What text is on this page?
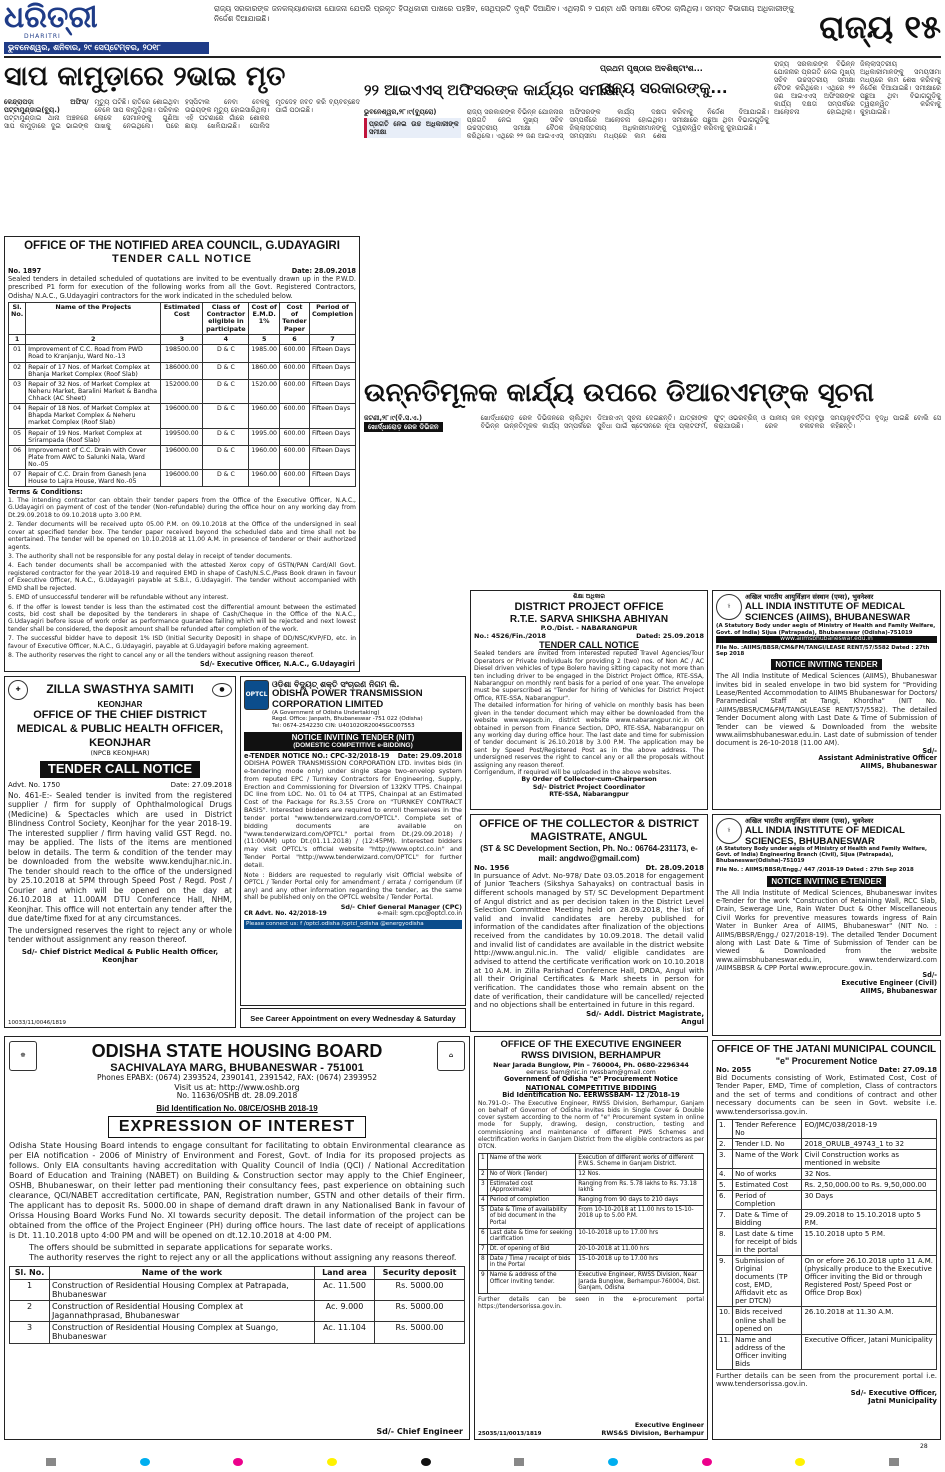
ଧରିତ୍ରୀ
DHARITRI
ଭୁବନେଶ୍ୱର, ଶନିବାର, ୨୯ ସେପ୍ଟେମ୍ବର, ୨୦୧୮
ରାଜ୍ୟ ସରକାରଙ୍କ ଜନକଲ୍ୟାଣକାରୀ ଯୋଜନା ଯେପରି ପ୍ରକୃତ ହିତାଧିକାରୀ ପାଖରେ ପହଞ୍ଚିବ, ସେଥିପ୍ରତି ଦୃଷ୍ଟି ଦିଆଯିବ। ଏଥିଲାଗି ୨ ଘଣ୍ଟା ଧରି ସମୀକ୍ଷା ବୈଠକ ଚାଲିଥିଲା। ସମସ୍ତ ବିଭାଗୀୟ ଅଧିକାରୀଙ୍କୁ ନିର୍ଦ୍ଦେଶ ଦିଆଯାଇଛି।	ରାଜ୍ୟ ୧୫
ସାପ କାମୁଡ଼ାରେ ୨ଭାଇ ମୃତ
କେନ୍ଦ୍ରାପଡ଼ା ଅଫିସ/ ପଟ୍ଟାମୁଣ୍ଡାଇ(ବ୍ୟୁ.)
ପଟ୍ଟାମୁଣ୍ଡାଇ ଥାନା ଅଞ୍ଚଳରେ ସାପ କାମୁଡ଼ାରେ ଦୁଇ ଭାଇଙ୍କ ମୃତ୍ୟୁ ଘଟିଛି। ରାତିରେ ଶୋଇଥିବା ବେଳେ ସାପ କାମୁଡ଼ିଥିଲା। ପରିବାର ଲୋକେ ସେମାନଙ୍କୁ ଗୁଣିଆ ପାଖକୁ ନେଇଥିଲେ। ପରେ ହସ୍ପିଟାଲ ନେବା ବେଳକୁ ଉଭୟଙ୍କ ମୃତ୍ୟୁ ହୋଇସାରିଥିଲା। ଏହି ଘଟଣାରେ ଗାଁରେ ଶୋକର ଛାୟା ଖେଳିଯାଇଛି। ପୋଲିସ ମୃତଦେହ ଜବତ କରି ବ୍ୟବଚ୍ଛେଦ ପାଇଁ ପଠାଇଛି।
୨୨ ଆଇଏଏସ୍ ଅଫିସରଙ୍କ କାର୍ଯ୍ୟର ସମୀକ୍ଷା
ପ୍ରଥମ ପୃଷ୍ଠାର ଅବଶିଷ୍ଟାଂଶ...
ରାଜ୍ୟ ସରକାରଙ୍କୁ...
ଭୁବନେଶ୍ୱର,୨୮।୯(ବ୍ୟୁରୋ)
ପ୍ରଗତି ନେଇ ଉଚ୍ଚ ଅଧିକାରୀଙ୍କ ସମୀକ୍ଷା
ରାଜ୍ୟ ସରକାରଙ୍କ ବିଭିନ୍ନ ଯୋଜନାର ପ୍ରଗତି ନେଇ ମୁଖ୍ୟ ସଚିବ ଉଚ୍ଚସ୍ତରୀୟ ସମୀକ୍ଷା ବୈଠକ କରିଥିଲେ। ଏଥିରେ ୨୨ ଜଣ ଆଇଏଏସ୍ ଅଫିସରଙ୍କ କାର୍ଯ୍ୟ ଦକ୍ଷତା ସମ୍ପର୍କରେ ଆଲୋଚନା ହୋଇଥିଲା। ଜିଲ୍ଲାସ୍ତରୀୟ ଅଧିକାରୀମାନଙ୍କୁ ସମୟସୀମା ମଧ୍ୟରେ କାମ ଶେଷ କରିବାକୁ ନିର୍ଦ୍ଦେଶ ଦିଆଯାଇଛି। ସମୀକ୍ଷାରେ ପଛୁଆ ଥିବା ବିଭାଗଗୁଡ଼ିକୁ ତ୍ୱରାନ୍ୱିତ କରିବାକୁ କୁହାଯାଇଛି।
ରାଜ୍ୟ ସରକାରଙ୍କ ବିଭିନ୍ନ ଯୋଜନାର ପ୍ରଗତି ନେଇ ମୁଖ୍ୟ ସଚିବ ଉଚ୍ଚସ୍ତରୀୟ ସମୀକ୍ଷା ବୈଠକ କରିଥିଲେ। ଏଥିରେ ୨୨ ଜଣ ଆଇଏଏସ୍ ଅଫିସରଙ୍କ କାର୍ଯ୍ୟ ଦକ୍ଷତା ସମ୍ପର୍କରେ ଆଲୋଚନା ହୋଇଥିଲା। ଜିଲ୍ଲାସ୍ତରୀୟ ଅଧିକାରୀମାନଙ୍କୁ ସମୟସୀମା ମଧ୍ୟରେ କାମ ଶେଷ କରିବାକୁ ନିର୍ଦ୍ଦେଶ ଦିଆଯାଇଛି। ସମୀକ୍ଷାରେ ପଛୁଆ ଥିବା ବିଭାଗଗୁଡ଼ିକୁ ତ୍ୱରାନ୍ୱିତ କରିବାକୁ କୁହାଯାଇଛି।
ଉନ୍ନତିମୂଳକ କାର୍ଯ୍ୟ ଉପରେ ଡିଆରଏମ୍‌ଙ୍କ ସୂଚନା
ଜଟଣୀ,୨୮।୯(ବି.ସ.ଏ.)
ଖୋର୍ଦ୍ଧାରୋଡ଼ ରେଳ ଡିଭିଜନ
ଖୋର୍ଦ୍ଧାରୋଡ଼ ରେଳ ଡିଭିଜନରେ ଚାଲିଥିବା ବିଭିନ୍ନ ଉନ୍ନତିମୂଳକ କାର୍ଯ୍ୟ ସମ୍ପର୍କରେ ଡିଆରଏମ୍ ସୂଚନା ଦେଇଛନ୍ତି। ଯାତ୍ରୀଙ୍କ ସୁବିଧା ପାଇଁ ଷ୍ଟେସନରେ ନୂଆ ପ୍ଲାଟଫର୍ମ, ଫୁଟ୍ ଓଭରବ୍ରିଜ୍ ଓ ପାନୀୟ ଜଳ ବ୍ୟବସ୍ଥା କରାଯାଉଛି। ରେଳ ଚଳାଚଳର ସମୟାନୁବର୍ତ୍ତିତା ବୃଦ୍ଧି ପାଇଛି ବୋଲି ସେ କହିଛନ୍ତି।
OFFICE OF THE NOTIFIED AREA COUNCIL, G.UDAYAGIRI
TENDER CALL NOTICE
No. 1897	Date: 28.09.2018
Sealed tenders in detailed scheduled of quotations are invited to be eventually drawn up in the P.W.D. prescribed P1 form for execution of the following works from all the Govt. Registered Contractors, Odisha/ N.A.C., G.Udayagiri contractors for the work indicated in the scheduled below.
Sl. No.	Name of the Projects	Estimated Cost	Class of Contractor eligible in participate	Cost of E.M.D. 1%	Cost of Tender Paper	Period of Completion
1	2	3	4	5	6	7
01	Improvement of C.C. Road from PWD Road to Kranjanju, Ward No.-13	198500.00	D & C	1985.00	600.00	Fifteen Days
02	Repair of 17 Nos. of Market Complex at Bhanja Market Complex (Roof Slab)	186000.00	D & C	1860.00	600.00	Fifteen Days
03	Repair of 32 Nos. of Market Complex at Neheru Market, Baralini Market & Bandha Chhack (AC Sheet)	152000.00	D & C	1520.00	600.00	Fifteen Days
04	Repair of 18 Nos. of Market Complex at Bhapda Market Complex & Neheru market Complex (Roof Slab)	196000.00	D & C	1960.00	600.00	Fifteen Days
05	Repair of 19 Nos. Market Complex at Srirampada (Roof Slab)	199500.00	D & C	1995.00	600.00	Fifteen Days
06	Improvement of C.C. Drain with Cover Plate from AWC to Salunki Nala, Ward No.-05	196000.00	D & C	1960.00	600.00	Fifteen Days
07	Repair of C.C. Drain from Ganesh Jena House to Lajra House, Ward No.-05	196000.00	D & C	1960.00	600.00	Fifteen Days
Terms & Conditions:

1. The intending contractor can obtain their tender papers from the Office of the Executive Officer, N.A.C., G.Udayagiri on payment of cost of the tender (Non-refundable) during the office hour on any working day from Dt.29.09.2018 to 09.10.2018 upto 3.00 P.M.

2. Tender documents will be received upto 05.00 P.M. on 09.10.2018 at the Office of the undersigned in seal cover at specified tender box. The tender paper received beyond the scheduled date and time shall not be entertained. The tender will be opened on 10.10.2018 at 11.00 A.M. in presence of tenderer or their authorized agents.

3. The authority shall not be responsible for any postal delay in receipt of tender documents.

4. Each tender documents shall be accompanied with the attested Xerox copy of GSTN/PAN Card/All Govt. registered contractor for the year 2018-19 and required EMD in shape of Cash/N.S.C./Pass Book drawn in favour of Executive Officer, N.A.C., G.Udayagiri payable at S.B.I., G.Udayagiri. The tender without accompanied with EMD shall be rejected.

5. EMD of unsuccessful tenderer will be refundable without any interest.

6. If the offer is lowest tender is less than the estimated cost the differential amount between the estimated costs, bid cost shall be deposited by the tenderers in shape of Cash/Cheque in the Office of the N.A.C., G.Udayagiri before issue of work order as performance guarantee failing which will be rejected and next lowest tender shall be considered, the deposit amount shall be refunded after completion of the work.

7. The successful bidder have to deposit 1% ISD (Initial Security Deposit) in shape of DD/NSC/KVP/FD, etc. in favour of Executive Officer, N.A.C., G.Udayagiri, payable at G.Udayagiri before making agreement.

8. The authority reserves the right to cancel any or all the tenders without assigning reason thereof.

Sd/- Executive Officer, N.A.C., G.Udayagiri
✚	ZILLA SWASTHYA SAMITI	●
KEONJHAR
OFFICE OF THE CHIEF DISTRICT MEDICAL & PUBLIC HEALTH OFFICER, KEONJHAR
(NPCB KEONJHAR)
TENDER CALL NOTICE
Advt. No. 1750	Date: 27.09.2018
No. 461-E:- Sealed tender is invited from the registered supplier / firm for supply of Ophthalmological Drugs (Medicine) & Spectacles which are used in District Blindness Control Society, Keonjhar for the year 2018-19. The interested supplier / firm having valid GST Regd. no. may be applied. The lists of the items are mentioned below in details. The term & condition of the tender may be downloaded from the website www.kendujhar.nic.in. The tender should reach to the office of the undersigned by 25.10.2018 at 5PM through Speed Post / Regd. Post / Courier and which will be opened on the day at 26.10.2018 at 11.00AM DTU Conference Hall, NHM, Keonjhar. This office will not entertain any tender after the due date/time fixed for at any circumstances.
The undersigned reserves the right to reject any or whole tender without assignment any reason thereof.
Sd/- Chief District Medical & Public Health Officer, Keonjhar
10033/11/0046/1819
OPTCL
ଓଡ଼ିଶା ବିଦ୍ୟୁତ୍ ଶକ୍ତି ସଂଚାରଣ ନିଗମ ଲି.
ODISHA POWER TRANSMISSION CORPORATION LIMITED
(A Government of Odisha Undertaking)
Regd. Office: Janpath, Bhubaneswar -751 022 (Odisha)
Tel: 0674-2542230 CIN: U40102OR2004SGC007553
NOTICE INVITING TENDER (NIT)
(DOMESTIC COMPETITIVE e-BIDDING)
e-TENDER NOTICE NO.: CPC-32/2018-19 Date: 29.09.2018
ODISHA POWER TRANSMISSION CORPORATION LTD. invites bids (in e-tendering mode only) under single stage two-envelop system from reputed EPC / Turnkey Contractors for Engineering, Supply, Erection and Commissioning for Diversion of 132KV TTPS. Chainpal DC line from LOC. No. 01 to 04 at TTPS, Chainpal at an Estimated Cost of the Package for Rs.3.55 Crore on "TURNKEY CONTRACT BASIS". Interested bidders are required to enroll themselves in the tender portal "www.tenderwizard.com/OPTCL". Complete set of bidding documents are available on "www.tenderwizard.com/OPTCL" portal from Dt.(29.09.2018) / (11:00AM) upto Dt.(01.11.2018) / (12:45PM). Interested bidders may visit OPTCL's official website "http://www.optcl.co.in" and Tender Portal "http://www.tenderwizard.com/OPTCL" for further detail.
Note : Bidders are requested to regularly visit Official website of OPTCL / Tender Portal only for amendment / errata / corrigendum (if any) and any other information regarding the tender, as the same shall be published only on the OPTCL website / Tender Portal.
Sd/- Chief General Manager (CPC)
CR Advt. No. 42/2018-19	e-mail: sgm.cpc@optcl.co.in
Please connect us: f /optcl.odisha /optcl_odisha @energyodisha
See Career Appointment on every Wednesday & Saturday
ଶିକ୍ଷା ଅଧିକାର
DISTRICT PROJECT OFFICE
R.T.E. SARVA SHIKSHA ABHIYAN
P.O./Dist. - NABARANGPUR
No.: 4526/Fin./2018	Dated: 25.09.2018
TENDER CALL NOTICE
Sealed tenders are invited from interested reputed Travel Agencies/Tour Operators or Private Individuals for providing 2 (two) nos. of Non AC / AC Diesel driven vehicles of type Bolero having sitting capacity not more than ten including driver to be engaged in the District Project Office, RTE-SSA, Nabarangpur on monthly rent basis for a period of one year. The envelope must be superscribed as "Tender for hiring of Vehicles for District Project Office, RTE-SSA, Nabarangpur".
The detailed information for hiring of vehicle on monthly basis has been given in the tender document which may either be downloaded from the website www.wepscb.in, district website www.nabarangpur.nic.in OR obtained in person from Finance Section, DPO, RTE-SSA, Nabarangpur on any working day during office hour. The last date and time for submission of tender document is 26.10.2018 by 3.00 P.M. The application may be sent by Speed Post/Registered Post as in the above address. The undersigned reserves the right to cancel any or all the proposals without assigning any reason thereof.
Corrigendum, if required will be uploaded in the above websites.
By Order of Collector-cum-Chairperson
Sd/- District Project Coordinator
RTE-SSA, Nabarangpur
OFFICE OF THE COLLECTOR & DISTRICT MAGISTRATE, ANGUL
(ST & SC Development Section, Ph. No.: 06764-231173, e-mail: angdwo@gmail.com)
No. 1956	Dt. 28.09.2018
In pursuance of Advt. No-978/ Date 03.05.2018 for engagement of Junior Teachers (Sikshya Sahayaks) on contractual basis in different schools managed by ST/ SC Development Department of Angul district and as per decision taken in the District Level Selection Committee Meeting held on 28.09.2018, the list of valid and invalid candidates are hereby published for information of the candidates after finalization of the objections received from the candidates by 10.09.2018. The detail valid and invalid list of candidates are available in the district website http://www.angul.nic.in. The valid/ eligible candidates are advised to attend the certificate verification work on 10.10.2018 at 10 A.M. in Zilla Parishad Conference Hall, DRDA, Angul with all their Original Certificates & Mark sheets in person for verification. The candidates those who remain absent on the date of verification, their candidature will be cancelled/ rejected and no objections shall be entertained in future in this regard.
Sd/- Addl. District Magistrate,
Angul
⚕
अखिल भारतीय आयुर्विज्ञान संस्थान (एम्स), भुवनेश्वर
ALL INDIA INSTITUTE OF MEDICAL SCIENCES (AIIMS), BHUBANESWAR
(A Statutory Body under aegis of Ministry of Health and Family Welfare, Govt. of India) Sijua (Patrapada), Bhubaneswar (Odisha)-751019
www.aiimsbhubaneswar.edu.in
File No. :AIIMS/BBSR/CM&FM/TANGI/LEASE RENT/57/5582 Dated : 27th Sep 2018
NOTICE INVITING TENDER
The All India Institute of Medical Sciences (AIIMS), Bhubaneswar invites bid in sealed envelope in two bid system for "Providing Lease/Rented Accommodation to AIIMS Bhubaneswar for Doctors/ Paramedical Staff at Tangi, Khordha" (NIT No. :AIIMS/BBSR/CM&FM/TANGI/LEASE RENT/57/5582). The detailed Tender Document along with Last Date & Time of Submission of Tender can be viewed & Downloaded from the website www.aiimsbhubaneswar.edu.in. Last date of submission of tender document is 26-10-2018 (11.00 AM).
Sd/-
Assistant Administrative Officer
AIIMS, Bhubaneswar
⚕
अखिल भारतीय आयुर्विज्ञान संस्थान (एम्स), भुवनेश्वर
ALL INDIA INSTITUTE OF MEDICAL SCIENCES, BHUBANESWAR
(A Statutory Body under aegis of Ministry of Health and Family Welfare, Govt. of India) Engineering Branch (Civil), Sijua (Patrapada), Bhubaneswar(Odisha)-751019
File No. : AIIMS/BBSR/Engg./ 447 /2018-19 Dated : 27th Sep 2018
NOTICE INVITING E-TENDER
The All India Institute of Medical Sciences, Bhubaneswar invites e-Tender for the work "Construction of Retaining Wall, RCC Slab, Drain, Sewerage Line, Rain Water Duct & Other Miscellaneous Civil Works for preventive measures towards ingress of Rain Water in Bunker Area of AIIMS, Bhubaneswar" (NIT No. : AIIMS/BBSR/Engg./ 027/2018-19). The detailed Tender Document along with Last Date & Time of Submission of Tender can be viewed & Downloaded from the website www.aiimsbhubaneswar.edu.in, www.tenderwizard.com /AIIMSBBSR & CPP Portal www.eprocure.gov.in.
Sd/-
Executive Engineer (Civil)
AIIMS, Bhubaneswar
☸	ODISHA STATE HOUSING BOARD
SACHIVALAYA MARG, BHUBANESWAR - 751001
Phones EPABX: (0674) 2393524, 2390141, 2391542, FAX: (0674) 2393952
Visit us at: http://www.oshb.org
No. 11636/OSHB dt. 28.09.2018
⌂
Bid Identification No. 08/CE/OSHB 2018-19
EXPRESSION OF INTEREST
Odisha State Housing Board intends to engage consultant for facilitating to obtain Environmental clearance as per EIA notification - 2006 of Ministry of Environment and Forest, Govt. of India for its proposed projects as follows. Only EIA consultants having accreditation with Quality Council of India (QCI) / National Accreditation Board of Education and Training (NABET) on Building & Construction sector may apply to the Chief Engineer, OSHB, Bhubaneswar, on their letter pad mentioning their consultancy fees, past experience on obtaining such clearance, QCI/NABET accreditation certificate, PAN, Registration number, GSTN and other details of their firm. The applicant has to deposit Rs. 5000.00 in shape of demand draft drawn in any Nationalised Bank in favour of Orissa Housing Board Works Fund No. XI towards security deposit. The detail information of the project can be obtained from the office of the Project Engineer (PH) during office hours. The last date of receipt of applications is Dt. 11.10.2018 upto 4:00 PM and will be opened on dt.12.10.2018 at 4:00 PM.
The offers should be submitted in separate applications for separate works.
The authority reserves the right to reject any or all the applications without assigning any reasons thereof.
Sl. No.	Name of the work	Land area	Security deposit
1	Construction of Residential Housing Complex at Patrapada, Bhubaneswar	Ac. 11.500	Rs. 5000.00
2	Construction of Residential Housing Complex at Jagannathprasad, Bhubaneswar	Ac. 9.000	Rs. 5000.00
3	Construction of Residential Housing Complex at Suango, Bhubaneswar	Ac. 11.104	Rs. 5000.00
Sd/- Chief Engineer
OFFICE OF THE EXECUTIVE ENGINEER
RWSS DIVISION, BERHAMPUR
Near Jarada Bunglow, Pin – 760004, Ph. 0680-2296344
eerwss_bam@nic.in rwssbam@gmail.com
Government of Odisha "e" Procurement Notice
NATIONAL COMPETITIVE BIDDING
Bid Identification No. EERWSSBAM- 12 /2018-19
No.791-O:- The Executive Engineer, RWSS Division, Berhampur, Ganjam on behalf of Governor of Odisha invites bids in Single Cover & Double cover system according to the norm of "e" Procurement system in online mode for Supply, drawing, design, construction, testing and commissioning and maintenance of different PWS Schemes and electrification works in Ganjam District from the eligible contractors as per DTCN.
1	Name of the work	Execution of different works of different P.W.S. Scheme in Ganjam District.
2	No of Work (Tender)	12 Nos.
3	Estimated cost (Approximate)	Ranging from Rs. 5.78 lakhs to Rs. 73.18 lakhs
4	Period of completion	Ranging from 90 days to 210 days
5	Date & Time of availability of bid document in the Portal	From 10-10-2018 at 11.00 hrs to 15-10-2018 up to 5.00 P.M.
6	Last date & time for seeking clarification	10-10-2018 up to 17.00 hrs
7	Dt. of opening of Bid	20-10-2018 at 11.00 hrs
8	Date / Time / receipt of bids in the Portal	15-10-2018 up to 17.00 hrs
9	Name & address of the Officer inviting tender.	Executive Engineer, RWSS Division, Near Jarada Bunglow, Berhampur-760004, Dist. Ganjam, Odisha
Further details can be seen in the e-procurement portal https://tendersorissa.gov.in.
25035/11/0013/1819
Executive Engineer
RWS&S Division, Berhampur
OFFICE OF THE JATANI MUNICIPAL COUNCIL
"e" Procurement Notice
No. 2055	Date: 27.09.18
Bid Documents consisting of Work, Estimated Cost, Cost of Tender Paper, EMD, Time of completion, Class of contractors and the set of terms and conditions of contract and other necessary documents can be seen in Govt. website i.e. www.tendersorissa.gov.in.
1.	Tender Reference No	EO/JMC/038/2018-19
2.	Tender I.D. No	2018_ORULB_49743_1 to 32
3.	Name of the Work	Civil Construction works as mentioned in website
4.	No of works	32 Nos.
5.	Estimated Cost	Rs. 2,50,000.00 to Rs. 9,50,000.00
6.	Period of Completion	30 Days
7.	Date & Time of Bidding	29.09.2018 to 15.10.2018 upto 5 P.M.
8.	Last date & time for receipt of bids in the portal	15.10.2018 upto 5 P.M.
9.	Submission of Original documents (TP cost, EMD, Affidavit etc as per DTCN)	On or efore 26.10.2018 upto 11 A.M. (physically produce to the Executive Officer inviting the Bid or through Registered Post/ Speed Post or Office Drop Box)
10.	Bids received online shall be opened on	26.10.2018 at 11.30 A.M.
11.	Name and address of the Officer inviting Bids	Executive Officer, Jatani Municipality
Further details can be seen from the procurement portal i.e. www.tendersorissa.gov.in.
Sd/- Executive Officer,
Jatni Municipality
28
